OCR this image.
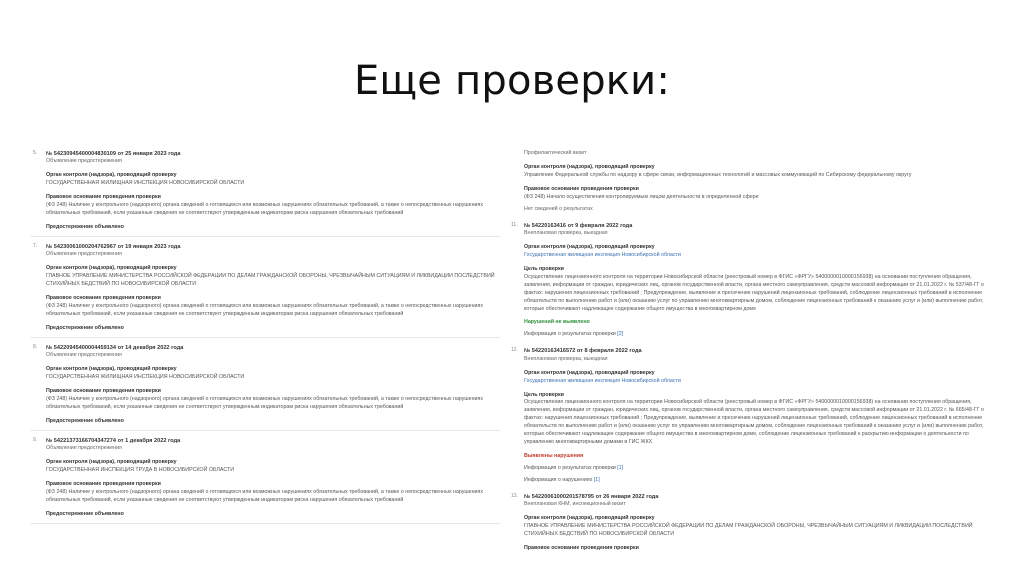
Еще проверки:
5. № 54230945400004830109 от 25 января 2023 года
Объявление предостережения
Орган контроля (надзора), проводящий проверку
ГОСУДАРСТВЕННАЯ ЖИЛИЩНАЯ ИНСПЕКЦИЯ НОВОСИБИРСКОЙ ОБЛАСТИ
Правовое основание проведения проверки
(ФЗ 248) Наличие у контрольного (надзорного) органа сведений о готовящихся или возможных нарушениях обязательных требований, а также о непосредственных нарушениях обязательных требований, если указанные сведения не соответствуют утвержденным индикаторам риска нарушения обязательных требований
Предостережение объявлено
7. № 54230061000204762967 от 19 января 2023 года
Объявление предостережения
Орган контроля (надзора), проводящий проверку
ГЛАВНОЕ УПРАВЛЕНИЕ МИНИСТЕРСТВА РОССИЙСКОЙ ФЕДЕРАЦИИ ПО ДЕЛАМ ГРАЖДАНСКОЙ ОБОРОНЫ, ЧРЕЗВЫЧАЙНЫМ СИТУАЦИЯМ И ЛИКВИДАЦИИ ПОСЛЕДСТВИЙ СТИХИЙНЫХ БЕДСТВИЙ ПО НОВОСИБИРСКОЙ ОБЛАСТИ
Правовое основание проведения проверки
(ФЗ 248) Наличие у контрольного (надзорного) органа сведений о готовящихся или возможных нарушениях обязательных требований, а также о непосредственных нарушениях обязательных требований, если указанные сведения не соответствуют утвержденным индикаторам риска нарушения обязательных требований
Предостережение объявлено
8. № 54220945400004459134 от 14 декабря 2022 года
Объявление предостережения
Орган контроля (надзора), проводящий проверку
ГОСУДАРСТВЕННАЯ ЖИЛИЩНАЯ ИНСПЕКЦИЯ НОВОСИБИРСКОЙ ОБЛАСТИ
Правовое основание проведения проверки
(ФЗ 248) Наличие у контрольного (надзорного) органа сведений о готовящихся или возможных нарушениях обязательных требований, а также о непосредственных нарушениях обязательных требований, если указанные сведения не соответствуют утвержденным индикаторам риска нарушения обязательных требований
Предостережение объявлено
9. № 54221373166704347274 от 1 декабря 2022 года
Объявление предостережения
Орган контроля (надзора), проводящий проверку
ГОСУДАРСТВЕННАЯ ИНСПЕКЦИЯ ТРУДА В НОВОСИБИРСКОЙ ОБЛАСТИ
Правовое основание проведения проверки
(ФЗ 248) Наличие у контрольного (надзорного) органа сведений о готовящихся или возможных нарушениях обязательных требований, а также о непосредственных нарушениях обязательных требований, если указанные сведения не соответствуют утвержденным индикаторам риска нарушения обязательных требований
Предостережение объявлено
Профилактический визит
Орган контроля (надзора), проводящий проверку
Управление Федеральной службы по надзору в сфере связи, информационных технологий и массовых коммуникаций по Сибирскому федеральному округу
Правовое основание проведения проверки
(ФЗ 248) Начало осуществления контролируемым лицом деятельности в определенной сфере
Нет сведений о результатах
11. № 54220163416 от 9 февраля 2022 года
Внеплановая проверка, выездная
Орган контроля (надзора), проводящий проверку
Государственная жилищная инспекция Новосибирской области
Цель проверки
Осуществление лицензионного контроля на территории Новосибирской области (реестровый номер в ФГИС «ФРГУ» 5400000010000156938) на основании поступления обращения, заявления, информации от граждан, юридических лиц, органов государственной власти, органа местного самоуправления, средств массовой информации от 21.01.2022 г. № 537/48-ГГ о фактах: нарушения лицензионных требований ; Предупреждение, выявление и пресечение нарушений лицензионных требований, соблюдение лицензионных требований в исполнение обязательств по выполнению работ и (или) оказанию услуг по управлению многоквартирным домом, соблюдение лицензионных требований к оказанию услуг и (или) выполнению работ, которые обеспечивают надлежащее содержание общего имущества в многоквартирном доме
Нарушений не выявлено
Информация о результатах проверки [2]
12. № 54220163416572 от 8 февраля 2022 года
Внеплановая проверка, выездная
Орган контроля (надзора), проводящий проверку
Государственная жилищная инспекция Новосибирской области
Цель проверки
Осуществление лицензионного контроля на территории Новосибирской области (реестровый номер в ФГИС «ФРГУ» 5400000010000156938) на основании поступления обращения, заявления, информации от граждан, юридических лиц, органов государственной власти, органа местного самоуправления, средств массовой информации от 21.01.2022 г. № 665/48-ГГ о фактах: нарушения лицензионных требований ; Предупреждение, выявление и пресечение нарушений лицензионных требований, соблюдение лицензионных требований в исполнение обязательств по выполнению работ и (или) оказанию услуг по управлению многоквартирным домом, соблюдение лицензионных требований к оказанию услуг и (или) выполнению работ, которые обеспечивают надлежащее содержание общего имущества в многоквартирном доме, соблюдение лицензионных требований к раскрытию информации о деятельности по управлению многоквартирными домами в ГИС ЖКХ
Выявлены нарушения
Информация о результатах проверки [1]
Информация о нарушениях [1]
13. № 54220061000201578795 от 26 января 2022 года
Внеплановая КНМ, инспекционный визит
Орган контроля (надзора), проводящий проверку
ГЛАВНОЕ УПРАВЛЕНИЕ МИНИСТЕРСТВА РОССИЙСКОЙ ФЕДЕРАЦИИ ПО ДЕЛАМ ГРАЖДАНСКОЙ ОБОРОНЫ, ЧРЕЗВЫЧАЙНЫМ СИТУАЦИЯМ И ЛИКВИДАЦИИ ПОСЛЕДСТВИЙ СТИХИЙНЫХ БЕДСТВИЙ ПО НОВОСИБИРСКОЙ ОБЛАСТИ
Правовое основание проведения проверки
